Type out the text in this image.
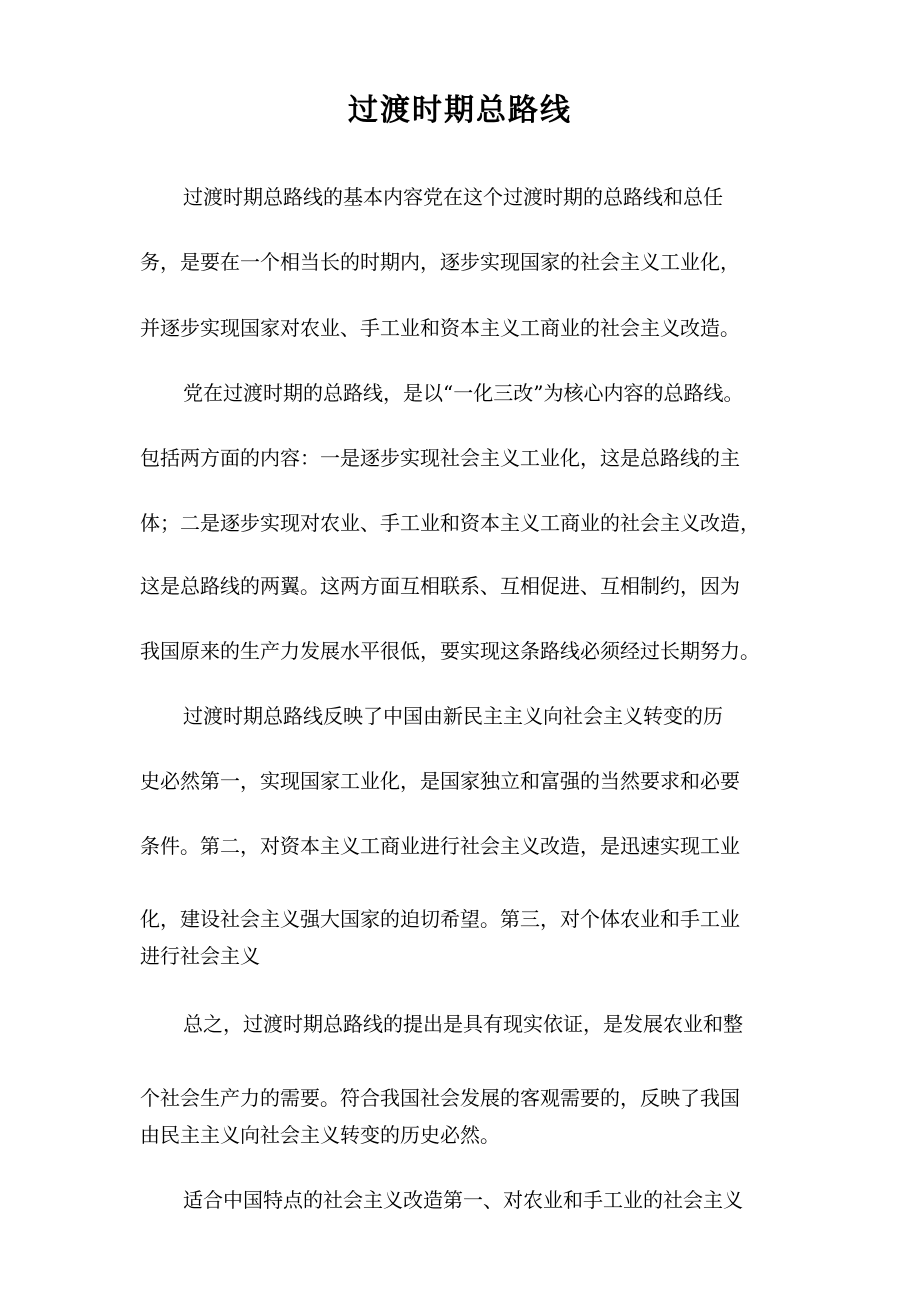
过渡时期总路线
过渡时期总路线的基本内容党在这个过渡时期的总路线和总任
务，是要在一个相当长的时期内，逐步实现国家的社会主义工业化，
并逐步实现国家对农业、手工业和资本主义工商业的社会主义改造。
党在过渡时期的总路线，是以“一化三改”为核心内容的总路线。
包括两方面的内容：一是逐步实现社会主义工业化，这是总路线的主
体；二是逐步实现对农业、手工业和资本主义工商业的社会主义改造，
这是总路线的两翼。这两方面互相联系、互相促进、互相制约，因为
我国原来的生产力发展水平很低，要实现这条路线必须经过长期努力。
过渡时期总路线反映了中国由新民主主义向社会主义转变的历
史必然第一，实现国家工业化，是国家独立和富强的当然要求和必要
条件。第二，对资本主义工商业进行社会主义改造，是迅速实现工业
化，建设社会主义强大国家的迫切希望。第三，对个体农业和手工业
进行社会主义
总之，过渡时期总路线的提出是具有现实依证，是发展农业和整
个社会生产力的需要。符合我国社会发展的客观需要的，反映了我国
由民主主义向社会主义转变的历史必然。
适合中国特点的社会主义改造第一、对农业和手工业的社会主义
